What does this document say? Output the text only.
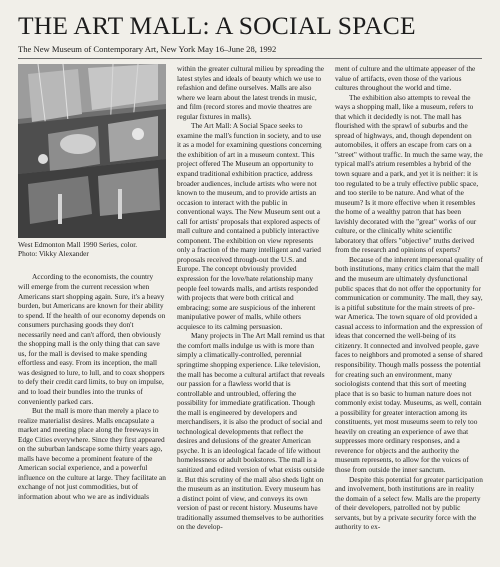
THE ART MALL: A SOCIAL SPACE
The New Museum of Contemporary Art, New York May 16–June 28, 1992
West Edmonton Mall 1990 Series, color.
Photo: Vikky Alexander

According to the economists, the country will emerge from the current recession when Americans start shopping again. Sure, it's a heavy burden, but Americans are known for their ability to spend. If the health of our economy depends on consumers purchasing goods they don't necessarily need and can't afford, then obviously the shopping mall is the only thing that can save us, for the mall is devised to make spending effortless and easy. From its inception, the mall was designed to lure, to lull, and to coax shoppers to defy their credit card limits, to buy on impulse, and to load their bundles into the trunks of conveniently parked cars.

But the mall is more than merely a place to realize materialist desires. Malls encapsulate a market and meeting place along the freeways in Edge Cities everywhere. Since they first appeared on the suburban landscape some thirty years ago, malls have become a prominent feature of the American social experience, and a powerful influence on the culture at large. They facilitate an exchange of not just commodities, but of information about who we are as individuals

within the greater cultural milieu by spreading the latest styles and ideals of beauty which we use to refashion and define ourselves. Malls are also where we learn about the latest trends in music, and film (record stores and movie theatres are regular fixtures in malls).

The Art Mall: A Social Space seeks to examine the mall's function in society, and to use it as a model for examining questions concerning the exhibition of art in a museum context. This project offered The Museum an opportunity to expand traditional exhibition practice, address broader audiences, include artists who were not known to the museum, and to provide artists an occasion to interact with the public in conventional ways. The New Museum sent out a call for artists' proposals that explored aspects of mall culture and contained a publicly interactive component. The exhibition on view represents only a fraction of the many intelligent and varied proposals received through-out the U.S. and Europe. The concept obviously provided expression for the love/hate relationship many people feel towards malls, and artists responded with projects that were both critical and embracing; some are suspicious of the inherent manipulative power of malls, while others acquiesce to its calming persuasion.

Many projects in The Art Mall remind us that the comfort malls indulge us with is more than simply a climatically-controlled, perennial springtime shopping experience. Like television, the mall has become a cultural artifact that reveals our passion for a flawless world that is controllable and untroubled, offering the possibility for immediate gratification. Though the mall is engineered by developers and merchandisers, it is also the product of social and technological developments that reflect the desires and delusions of the greater American psyche. It is an ideological facade of life without homelessness or adult bookstores. The mall is a sanitized and edited version of what exists outside it. But this scrutiny of the mall also sheds light on the museum as an institution. Every museum has a distinct point of view, and conveys its own version of past or recent history. Museums have traditionally assumed themselves to be authorities on the develop-

ment of culture and the ultimate appeaser of the value of artifacts, even those of the various cultures throughout the world and time.

The exhibition also attempts to reveal the ways a shopping mall, like a museum, refers to that which it decidedly is not. The mall has flourished with the sprawl of suburbs and the spread of highways, and, though dependent on automobiles, it offers an escape from cars on a "street" without traffic. In much the same way, the typical mall's atrium resembles a hybrid of the town square and a park, and yet it is neither: it is too regulated to be a truly effective public space, and too sterile to be nature. And what of the museum? Is it more effective when it resembles the home of a wealthy patron that has been lavishly decorated with the "great" works of our culture, or the clinically white scientific laboratory that offers "objective" truths derived from the research and opinions of experts?

Because of the inherent impersonal quality of both institutions, many critics claim that the mall and the museum are ultimately dysfunctional public spaces that do not offer the opportunity for communication or community. The mall, they say, is a pitiful substitute for the main streets of pre-war America. The town square of old provided a casual access to information and the expression of ideas that concerned the well-being of its citizenry. It connected and involved people, gave faces to neighbors and promoted a sense of shared responsibility. Though malls possess the potential for creating such an environment, many sociologists contend that this sort of meeting place that is so basic to human nature does not commonly exist today. Museums, as well, contain a possibility for greater interaction among its constituents, yet most museums seem to rely too heavily on creating an experience of awe that suppresses more ordinary responses, and a reverence for objects and the authority the museum represents, to allow for the voices of those from outside the inner sanctum.

Despite this potential for greater participation and involvement, both institutions are in reality the domain of a select few. Malls are the property of their developers, patrolled not by public servants, but by a private security force with the authority to ex-
